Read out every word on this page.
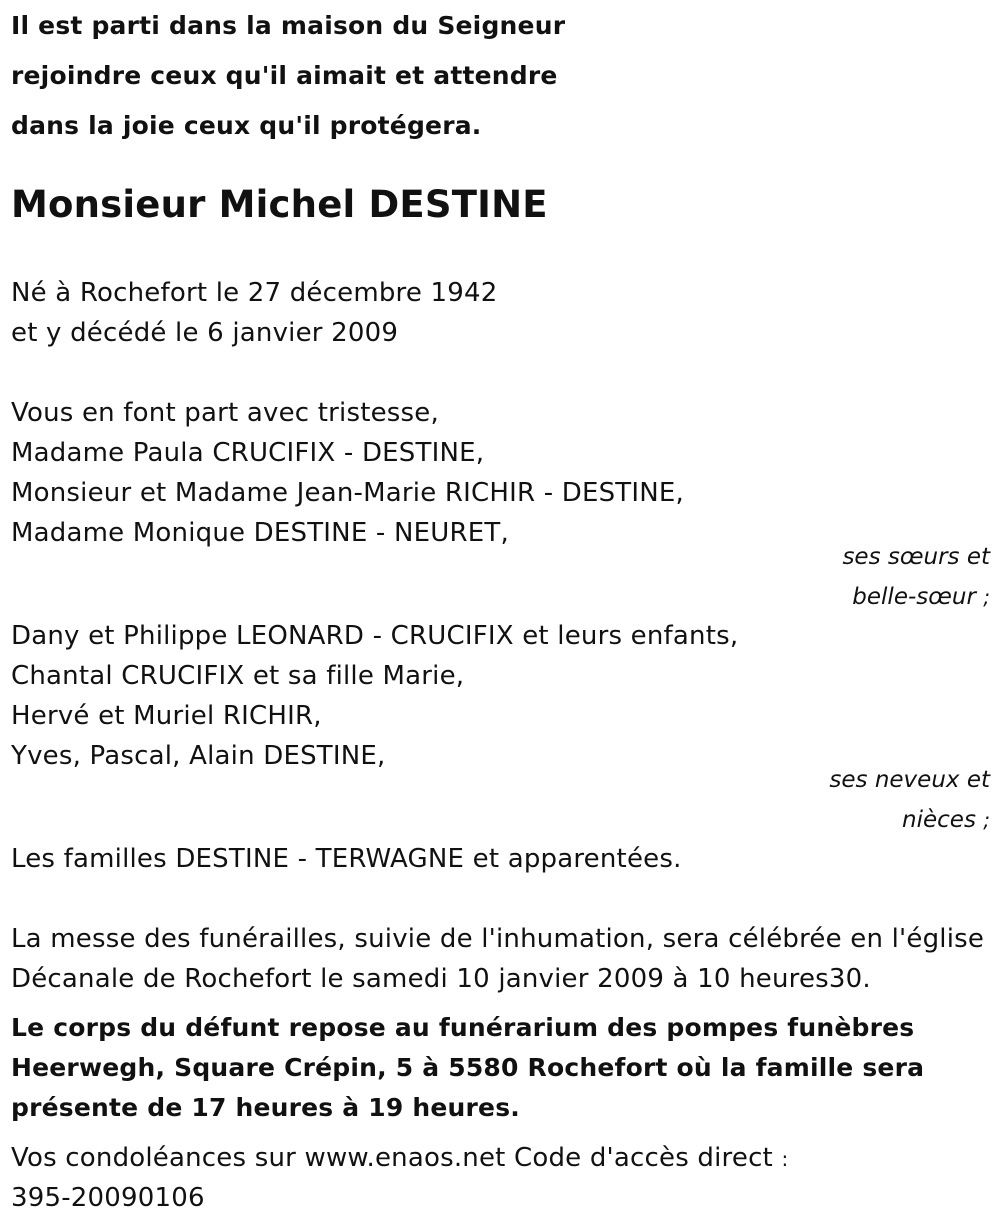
Il est parti dans la maison du Seigneur
rejoindre ceux qu'il aimait et attendre
dans la joie ceux qu'il protégera.
Monsieur Michel DESTINE
Né à Rochefort le 27 décembre 1942
et y décédé le 6 janvier 2009
Vous en font part avec tristesse,
Madame Paula CRUCIFIX - DESTINE,
Monsieur et Madame Jean-Marie RICHIR - DESTINE,
Madame Monique DESTINE - NEURET,
ses sœurs et
belle-sœur ;
Dany et Philippe LEONARD - CRUCIFIX et leurs enfants,
Chantal CRUCIFIX et sa fille Marie,
Hervé et Muriel RICHIR,
Yves, Pascal, Alain DESTINE,
ses neveux et
nièces ;
Les familles DESTINE - TERWAGNE et apparentées.
La messe des funérailles, suivie de l'inhumation, sera célébrée en l'église
Décanale de Rochefort le samedi 10 janvier 2009 à 10 heures30.
Le corps du défunt repose au funérarium des pompes funèbres
Heerwegh, Square Crépin, 5 à 5580 Rochefort où la famille sera
présente de 17 heures à 19 heures.
Vos condoléances sur www.enaos.net Code d'accès direct :
395-20090106
